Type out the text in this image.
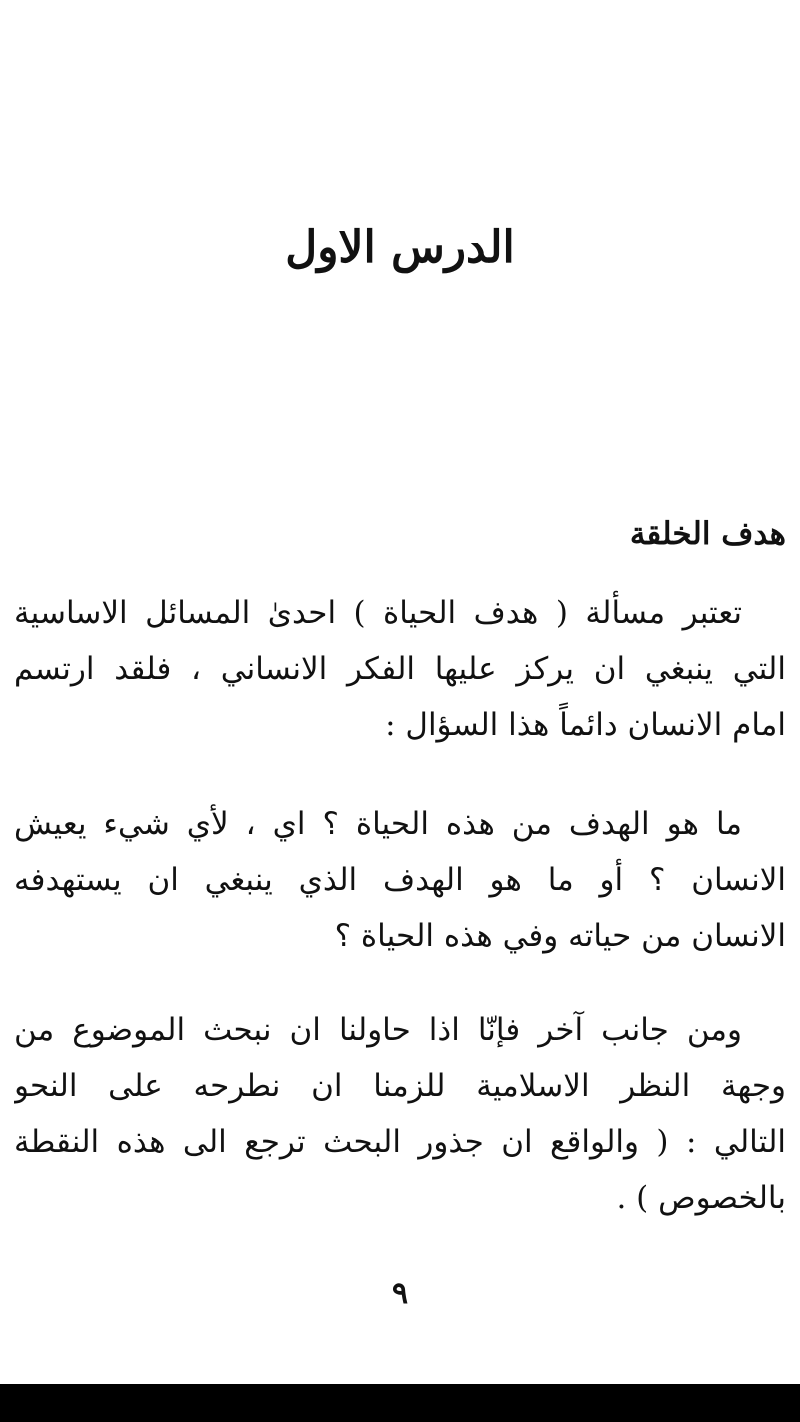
الدرس الاول
هدف الخلقة
تعتبر مسألة ( هدف الحياة ) احدىٰ المسائل الاساسية
التي ينبغي ان يركز عليها الفكر الانساني ، فلقد ارتسم
امام الانسان دائماً هذا السؤال :
ما هو الهدف من هذه الحياة ؟ اي ، لأي شيء يعيش
الانسان ؟ أو ما هو الهدف الذي ينبغي ان يستهدفه
الانسان من حياته وفي هذه الحياة ؟
ومن جانب آخر فإنّا اذا حاولنا ان نبحث الموضوع من
وجهة النظر الاسلامية للزمنا ان نطرحه على النحو
التالي : ( والواقع ان جذور البحث ترجع الى هذه النقطة
بالخصوص ) .
٩
